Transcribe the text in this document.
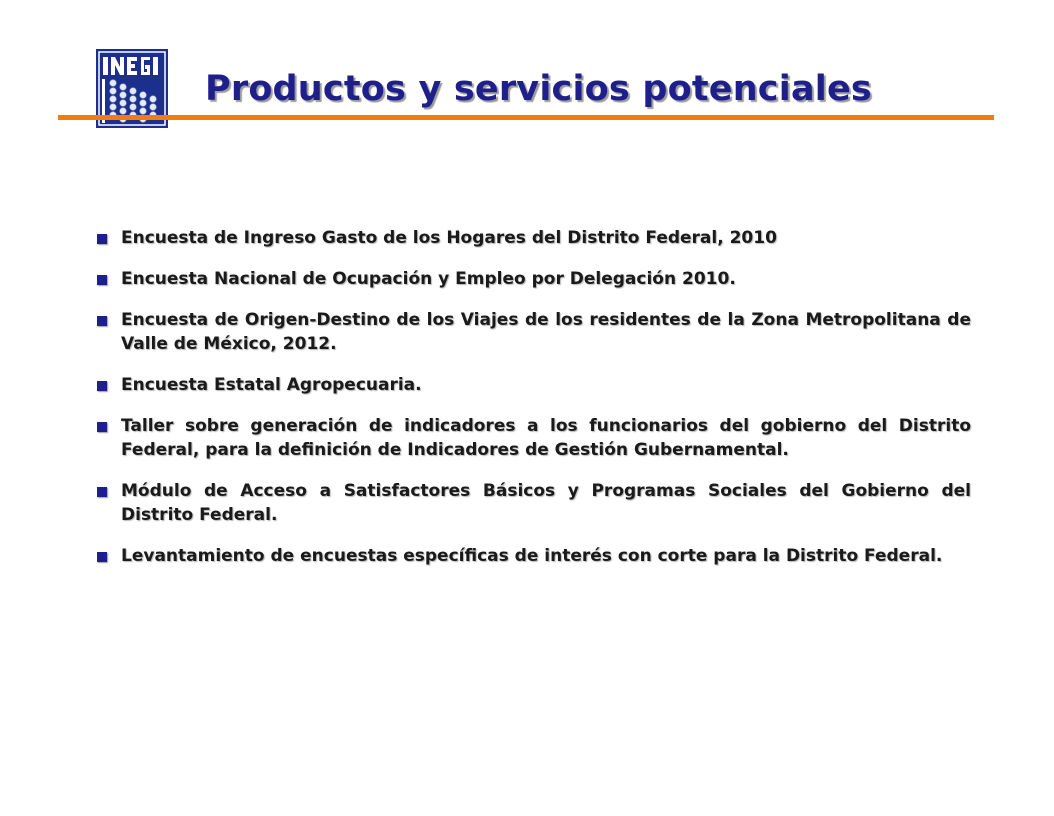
Productos y servicios potenciales
Encuesta de Ingreso Gasto de los Hogares del Distrito Federal, 2010
Encuesta Nacional de Ocupación y Empleo por Delegación 2010.
Encuesta de Origen-Destino de los Viajes de los residentes de la Zona Metropolitana de Valle de México, 2012.
Encuesta Estatal Agropecuaria.
Taller sobre generación de indicadores a los funcionarios del gobierno del Distrito Federal, para la definición de Indicadores de Gestión Gubernamental.
Módulo de Acceso a Satisfactores Básicos y Programas Sociales del Gobierno del Distrito Federal.
Levantamiento de encuestas específicas de interés con corte para la Distrito Federal.
